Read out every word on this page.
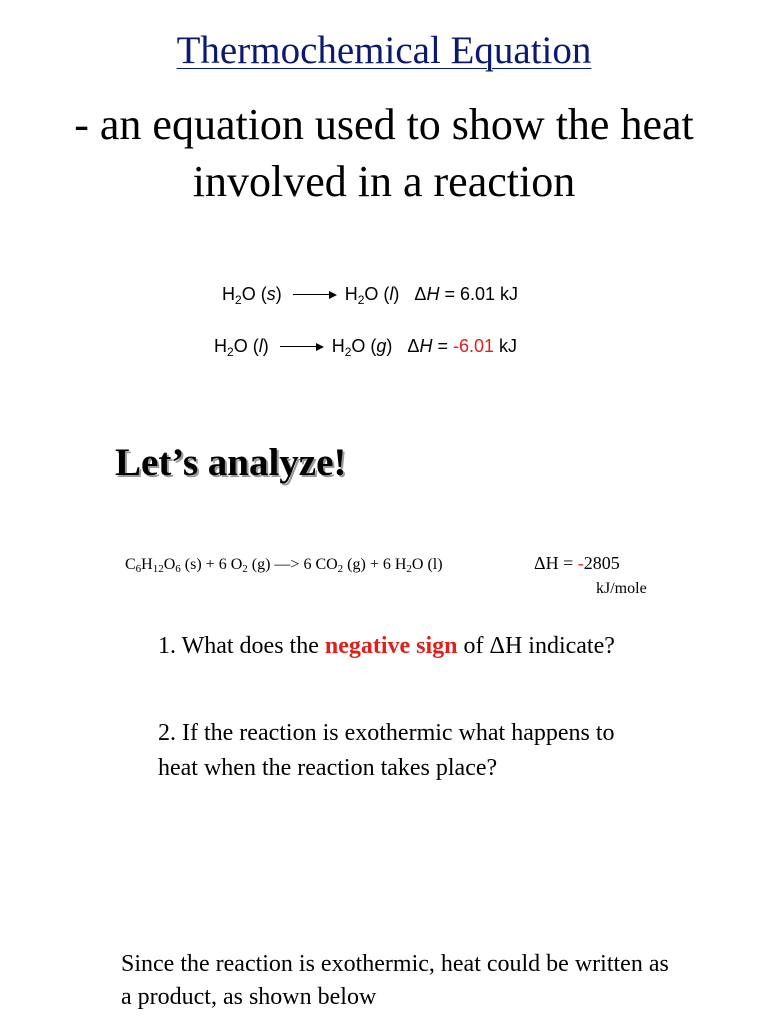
Thermochemical Equation
- an equation used to show the heat involved in a reaction
$H_2O$ (s)	$H_2O$ (l) ΔH = 6.01 kJ
$H_2O$ (l)	$H_2O$ (g) ΔH = -6.01 kJ
Let’s analyze!
$C_6H_{12}O_6$ (s) + 6 $O_2$ (g) —> 6 $CO_2$ (g) + 6 $H_2O$ (l)	ΔH = -2805
kJ/mole
1. What does the negative sign of ΔH indicate?
2. If the reaction is exothermic what happens to heat when the reaction takes place?
Since the reaction is exothermic, heat could be written as a product, as shown below
